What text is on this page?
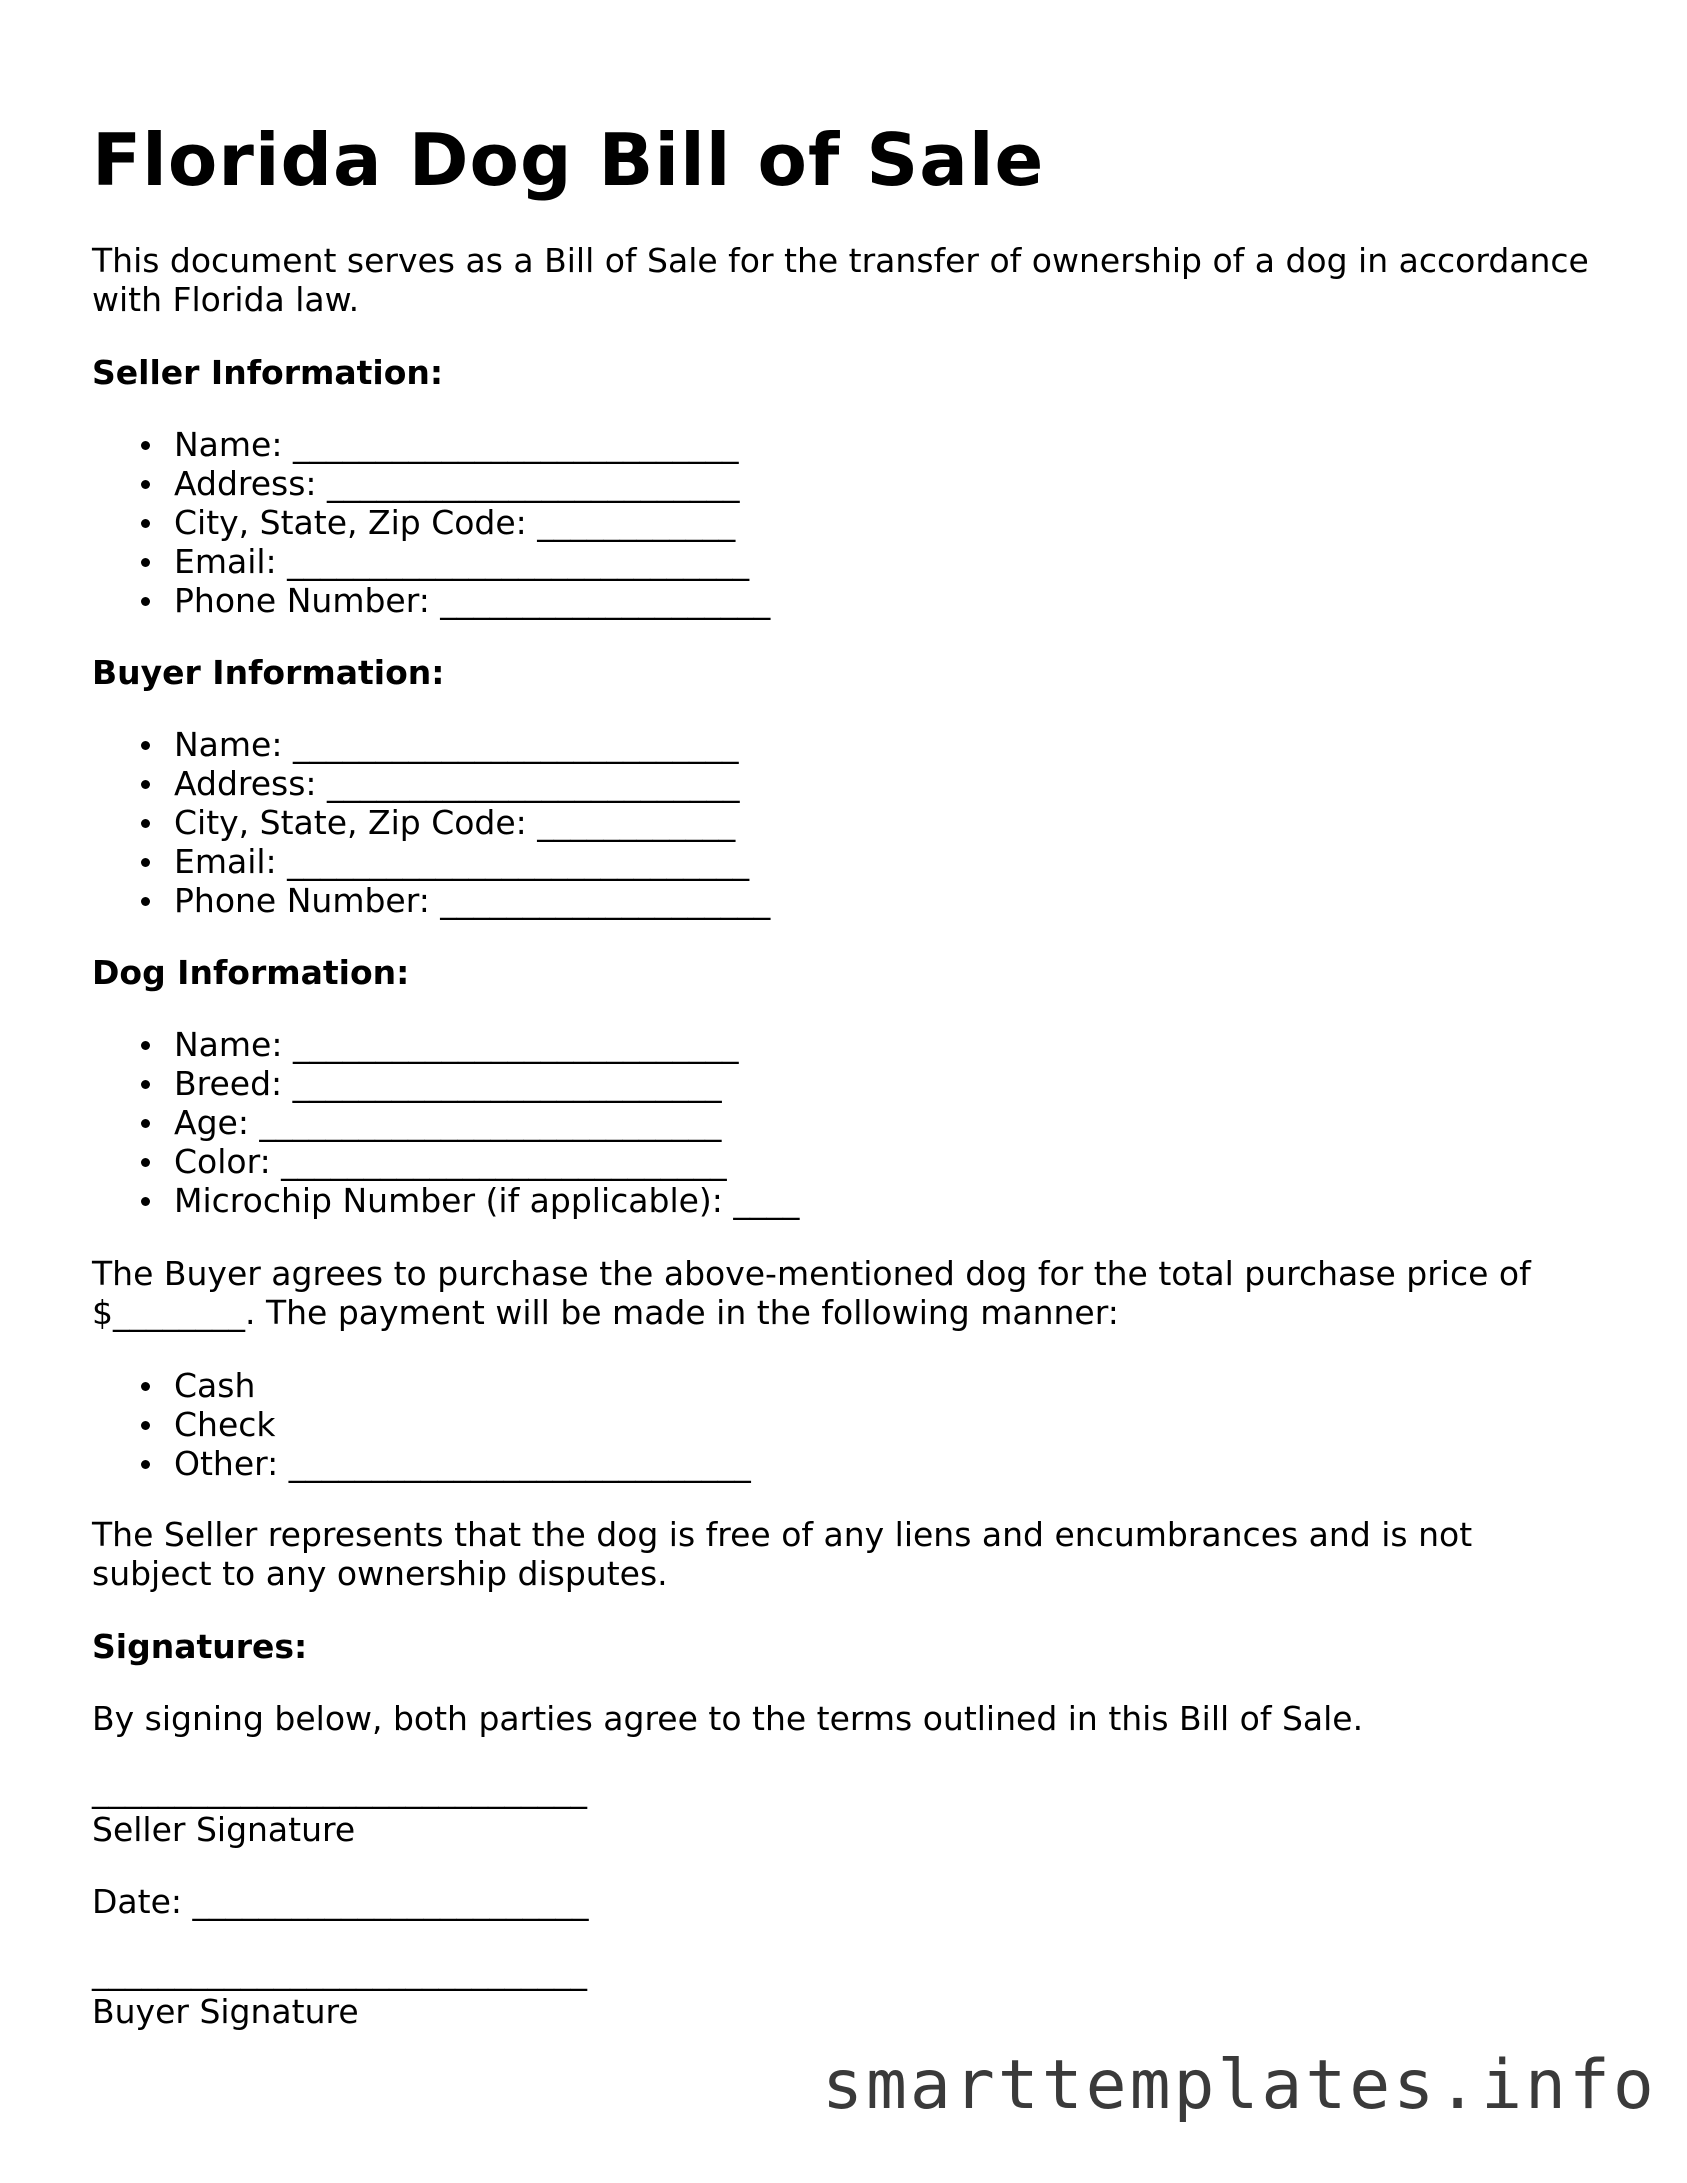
Florida Dog Bill of Sale

This document serves as a Bill of Sale for the transfer of ownership of a dog in accordance

with Florida law.

Seller Information:

Name: ___________________________
Address: _________________________
City, State, Zip Code: ____________
Email: ____________________________
Phone Number: ____________________

Buyer Information:

Name: ___________________________
Address: _________________________
City, State, Zip Code: ____________
Email: ____________________________
Phone Number: ____________________

Dog Information:

Name: ___________________________
Breed: __________________________
Age: ____________________________
Color: ___________________________
Microchip Number (if applicable): ____

The Buyer agrees to purchase the above-mentioned dog for the total purchase price of

$________. The payment will be made in the following manner:

Cash
Check
Other: ____________________________

The Seller represents that the dog is free of any liens and encumbrances and is not

subject to any ownership disputes.

Signatures:

By signing below, both parties agree to the terms outlined in this Bill of Sale.

______________________________
Seller Signature
Date: ________________________
______________________________
Buyer Signature
smarttemplates.info
